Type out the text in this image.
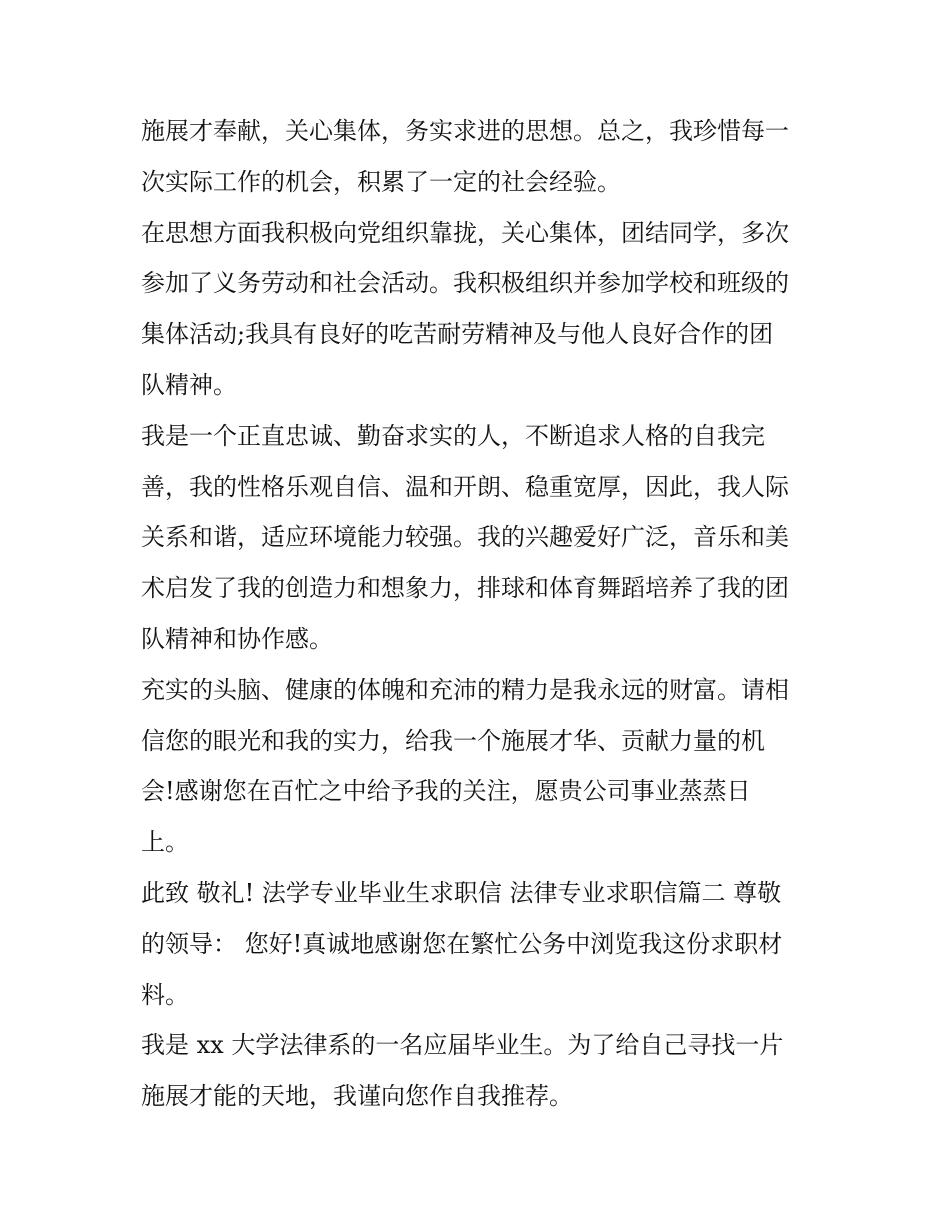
施展才奉献，关心集体，务实求进的思想。总之，我珍惜每一
次实际工作的机会，积累了一定的社会经验。

在思想方面我积极向党组织靠拢，关心集体，团结同学，多次
参加了义务劳动和社会活动。我积极组织并参加学校和班级的
集体活动;我具有良好的吃苦耐劳精神及与他人良好合作的团
队精神。

我是一个正直忠诚、勤奋求实的人，不断追求人格的自我完
善，我的性格乐观自信、温和开朗、稳重宽厚，因此，我人际
关系和谐，适应环境能力较强。我的兴趣爱好广泛，音乐和美
术启发了我的创造力和想象力，排球和体育舞蹈培养了我的团
队精神和协作感。

充实的头脑、健康的体魄和充沛的精力是我永远的财富。请相
信您的眼光和我的实力，给我一个施展才华、贡献力量的机
会!感谢您在百忙之中给予我的关注，愿贵公司事业蒸蒸日
上。

此致 敬礼! 法学专业毕业生求职信 法律专业求职信篇二 尊敬
的领导： 您好!真诚地感谢您在繁忙公务中浏览我这份求职材
料。

我是 xx 大学法律系的一名应届毕业生。为了给自己寻找一片
施展才能的天地，我谨向您作自我推荐。
